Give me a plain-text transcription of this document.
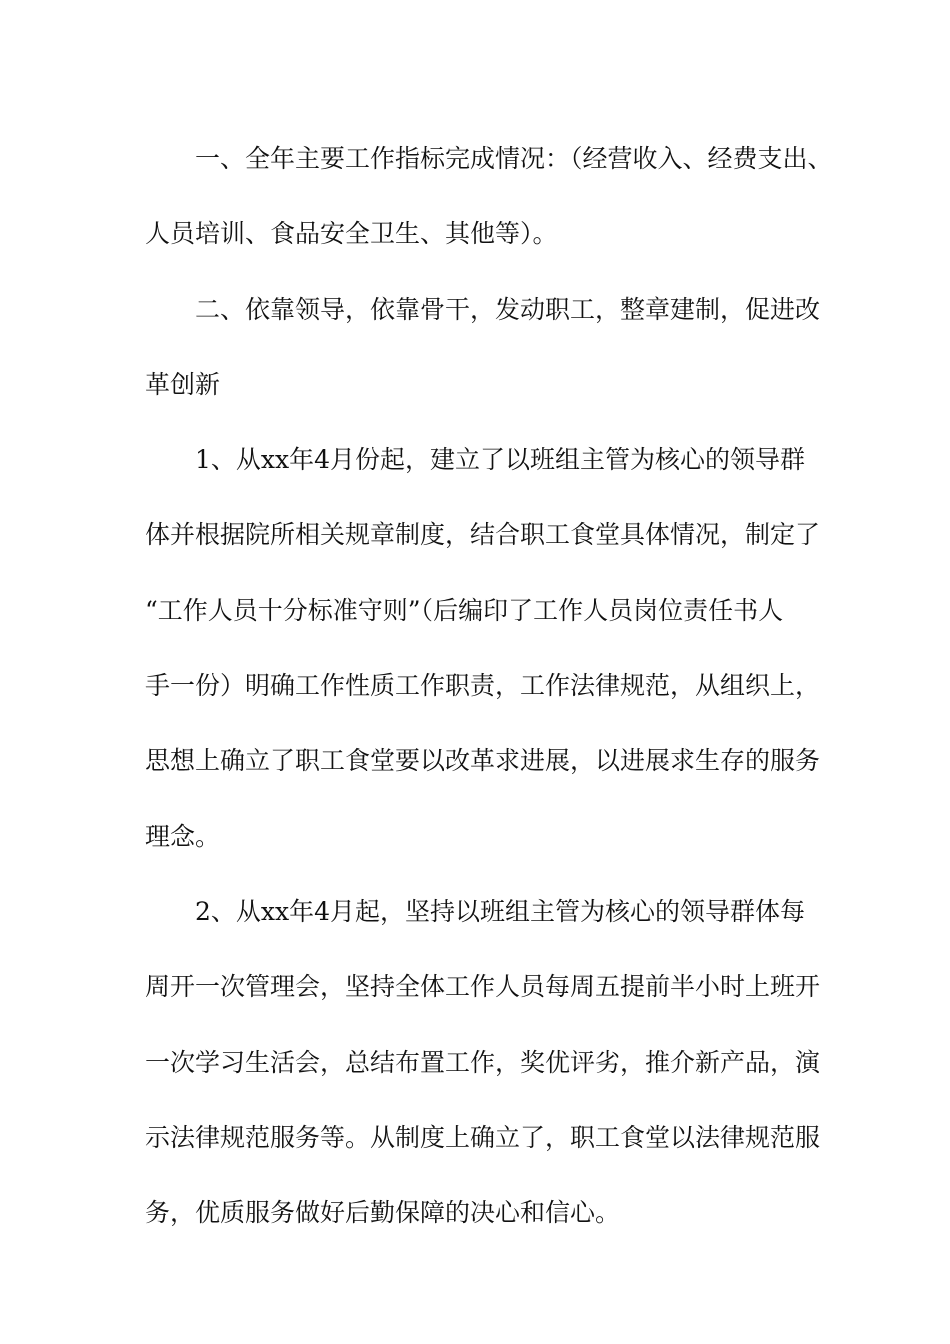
一、全年主要工作指标完成情况：（经营收入、经费支出、
人员培训、食品安全卫生、其他等）。

二、依靠领导，依靠骨干，发动职工，整章建制，促进改
革创新

1、从xx年4月份起，建立了以班组主管为核心的领导群
体并根据院所相关规章制度，结合职工食堂具体情况，制定了
“工作人员十分标准守则”（后编印了工作人员岗位责任书人
手一份）明确工作性质工作职责，工作法律规范，从组织上，
思想上确立了职工食堂要以改革求进展，以进展求生存的服务
理念。

2、从xx年4月起，坚持以班组主管为核心的领导群体每
周开一次管理会，坚持全体工作人员每周五提前半小时上班开
一次学习生活会，总结布置工作，奖优评劣，推介新产品，演
示法律规范服务等。从制度上确立了，职工食堂以法律规范服
务，优质服务做好后勤保障的决心和信心。
